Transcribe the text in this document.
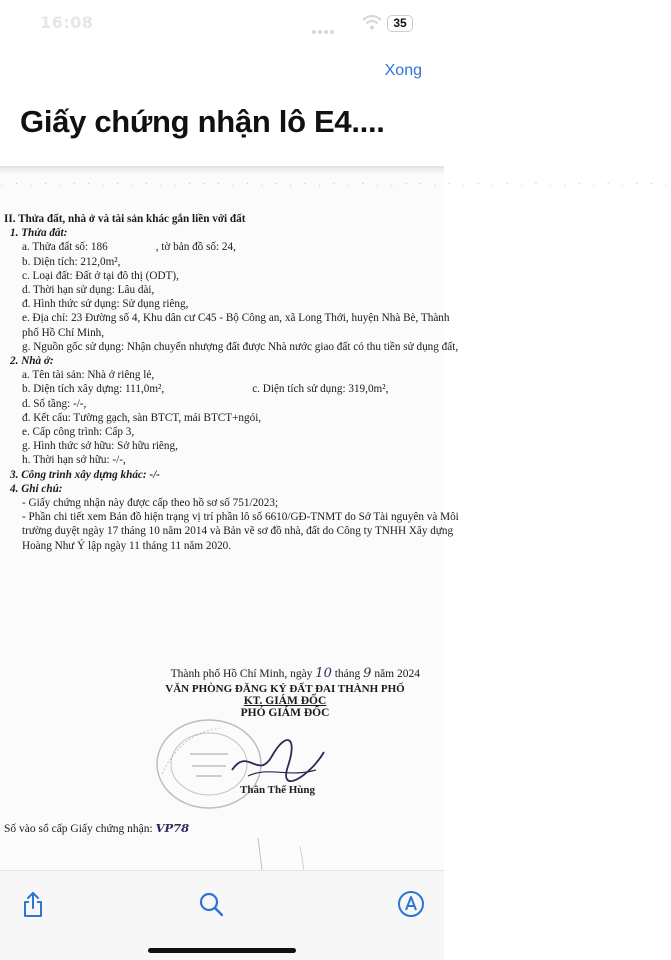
16:08	35
Xong
Giấy chứng nhận lô E4....
. · . · . · · . · . · . . · · · . · . · . · . · . · . . · · . · . · . · . · . . · . · . · · .
II. Thửa đất, nhà ở và tài sản khác gắn liền với đất
1. Thửa đất:
a. Thửa đất số: 186	, tờ bản đồ số: 24,
b. Diện tích: 212,0m²,
c. Loại đất: Đất ở tại đô thị (ODT),
d. Thời hạn sử dụng: Lâu dài,
đ. Hình thức sử dụng: Sử dụng riêng,
e. Địa chỉ: 23 Đường số 4, Khu dân cư C45 - Bộ Công an, xã Long Thới, huyện Nhà Bè, Thành
phố Hồ Chí Minh,
g. Nguồn gốc sử dụng: Nhận chuyển nhượng đất được Nhà nước giao đất có thu tiền sử dụng đất,
2. Nhà ở:
a. Tên tài sản: Nhà ở riêng lẻ,
b. Diện tích xây dựng: 111,0m²,	c. Diện tích sử dụng: 319,0m²,
d. Số tầng: -/-,
đ. Kết cấu: Tường gạch, sàn BTCT, mái BTCT+ngói,
e. Cấp công trình: Cấp 3,
g. Hình thức sở hữu: Sở hữu riêng,
h. Thời hạn sở hữu: -/-,
3. Công trình xây dựng khác: -/-
4. Ghi chú:
- Giấy chứng nhận này được cấp theo hồ sơ số 751/2023;
- Phần chi tiết xem Bản đồ hiện trạng vị trí phần lô số 6610/GĐ-TNMT do Sở Tài nguyên và Môi
trường duyệt ngày 17 tháng 10 năm 2014 và Bản vẽ sơ đồ nhà, đất do Công ty TNHH Xây dựng
Hoàng Như Ý lập ngày 11 tháng 11 năm 2020.
Thành phố Hồ Chí Minh, ngày 10 tháng 9 năm 2024
VĂN PHÒNG ĐĂNG KÝ ĐẤT ĐAI THÀNH PHỐ
KT. GIÁM ĐỐC
PHÓ GIÁM ĐỐC
Thân Thế Hùng
Số vào sổ cấp Giấy chứng nhận: VP78
